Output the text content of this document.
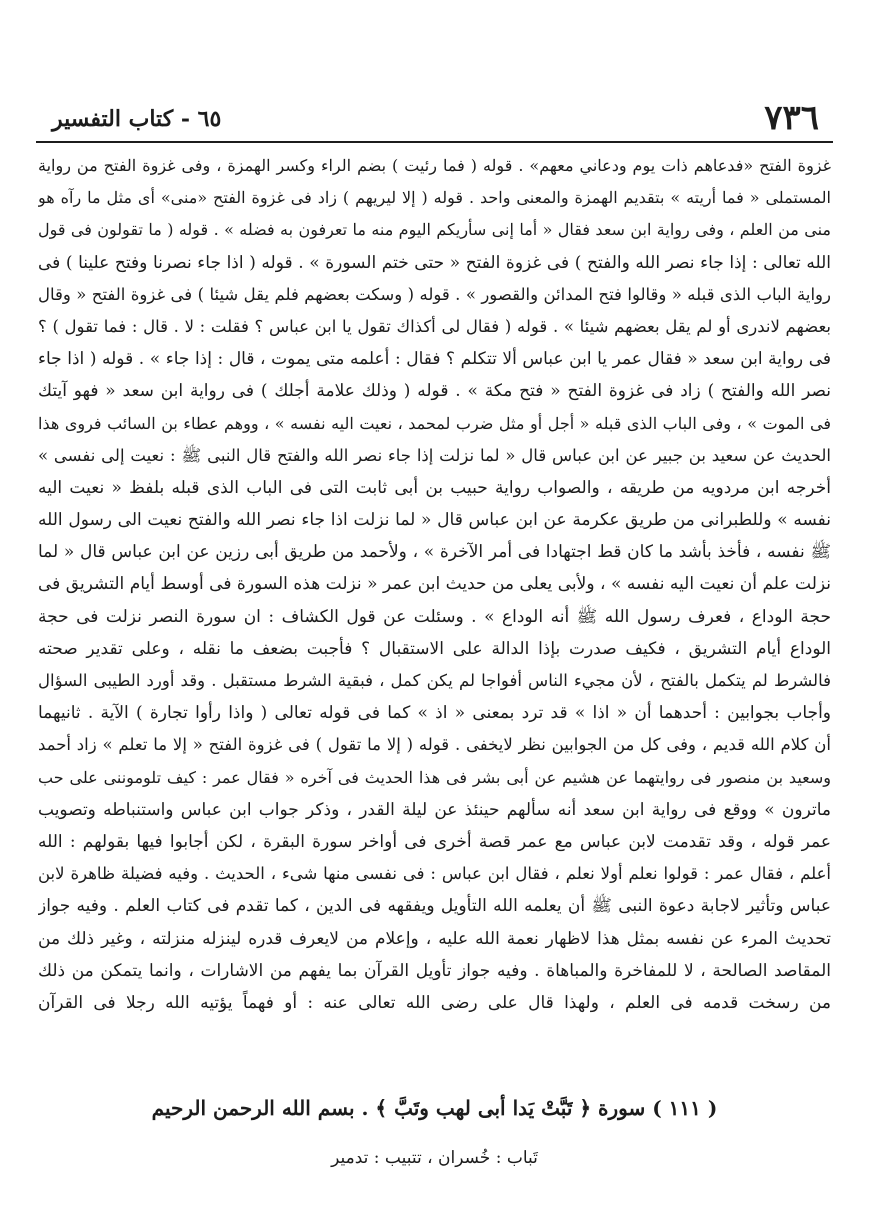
٧٣٦
٦٥ - كتاب التفسير
غزوة الفتح «فدعاهم ذات يوم ودعاني معهم» . قوله ( فما رئيت ) بضم الراء وكسر الهمزة ، وفى غزوة الفتح من رواية
المستملى « فما أريته » بتقديم الهمزة والمعنى واحد . قوله ( إلا ليريهم ) زاد فى غزوة الفتح «منى» أى مثل ما رآه هو
منى من العلم ، وفى رواية ابن سعد فقال « أما إنى سأريكم اليوم منه ما تعرفون به فضله » . قوله ( ما تقولون فى قول
الله تعالى : إذا جاء نصر الله والفتح ) فى غزوة الفتح « حتى ختم السورة » . قوله ( اذا جاء نصرنا وفتح علينا ) فى
رواية الباب الذى قبله « وقالوا فتح المدائن والقصور » . قوله ( وسكت بعضهم فلم يقل شيئا ) فى غزوة الفتح « وقال
بعضهم لاندرى أو لم يقل بعضهم شيئا » . قوله ( فقال لى أكذاك تقول يا ابن عباس ؟ فقلت : لا . قال : فما تقول ) ؟
فى رواية ابن سعد « فقال عمر يا ابن عباس ألا تتكلم ؟ فقال : أعلمه متى يموت ، قال : إذا جاء » . قوله ( اذا جاء
نصر الله والفتح ) زاد فى غزوة الفتح « فتح مكة » . قوله ( وذلك علامة أجلك ) فى رواية ابن سعد « فهو آيتك
فى الموت » ، وفى الباب الذى قبله « أجل أو مثل ضرب لمحمد ، نعيت اليه نفسه » ، ووهم عطاء بن السائب فروى هذا
الحديث عن سعيد بن جبير عن ابن عباس قال « لما نزلت إذا جاء نصر الله والفتح قال النبى ﷺ : نعيت إلى نفسى »
أخرجه ابن مردويه من طريقه ، والصواب رواية حبيب بن أبى ثابت التى فى الباب الذى قبله بلفظ « نعيت اليه
نفسه » وللطبرانى من طريق عكرمة عن ابن عباس قال « لما نزلت اذا جاء نصر الله والفتح نعيت الى رسول الله
ﷺ نفسه ، فأخذ بأشد ما كان قط اجتهادا فى أمر الآخرة » ، ولأحمد من طريق أبى رزين عن ابن عباس قال « لما
نزلت علم أن نعيت اليه نفسه » ، ولأبى يعلى من حديث ابن عمر « نزلت هذه السورة فى أوسط أيام التشريق فى
حجة الوداع ، فعرف رسول الله ﷺ أنه الوداع » . وسئلت عن قول الكشاف : ان سورة النصر نزلت فى حجة
الوداع أيام التشريق ، فكيف صدرت بإذا الدالة على الاستقبال ؟ فأجبت بضعف ما نقله ، وعلى تقدير صحته
فالشرط لم يتكمل بالفتح ، لأن مجيء الناس أفواجا لم يكن كمل ، فبقية الشرط مستقبل . وقد أورد الطيبى السؤال
وأجاب بجوابين : أحدهما أن « اذا » قد ترد بمعنى « اذ » كما فى قوله تعالى ( واذا رأوا تجارة ) الآية . ثانيهما
أن كلام الله قديم ، وفى كل من الجوابين نظر لايخفى . قوله ( إلا ما تقول ) فى غزوة الفتح « إلا ما تعلم » زاد أحمد
وسعيد بن منصور فى روايتهما عن هشيم عن أبى بشر فى هذا الحديث فى آخره « فقال عمر : كيف تلوموننى على حب
ماترون » ووقع فى رواية ابن سعد أنه سألهم حينئذ عن ليلة القدر ، وذكر جواب ابن عباس واستنباطه وتصويب
عمر قوله ، وقد تقدمت لابن عباس مع عمر قصة أخرى فى أواخر سورة البقرة ، لكن أجابوا فيها بقولهم : الله
أعلم ، فقال عمر : قولوا نعلم أولا نعلم ، فقال ابن عباس : فى نفسى منها شىء ، الحديث . وفيه فضيلة ظاهرة لابن
عباس وتأثير لاجابة دعوة النبى ﷺ أن يعلمه الله التأويل ويفقهه فى الدين ، كما تقدم فى كتاب العلم . وفيه جواز
تحديث المرء عن نفسه بمثل هذا لاظهار نعمة الله عليه ، وإعلام من لايعرف قدره لينزله منزلته ، وغير ذلك من
المقاصد الصالحة ، لا للمفاخرة والمباهاة . وفيه جواز تأويل القرآن بما يفهم من الاشارات ، وانما يتمكن من ذلك
من رسخت قدمه فى العلم ، ولهذا قال على رضى الله تعالى عنه : أو فهماً يؤتيه الله رجلا فى القرآن
( ١١١ ) سورة ﴿ تَبَّتْ يَدا أبى لهب وتَبَّ ﴾ . بسم الله الرحمن الرحيم
تَباب : خُسران ، تتبيب : تدمير
